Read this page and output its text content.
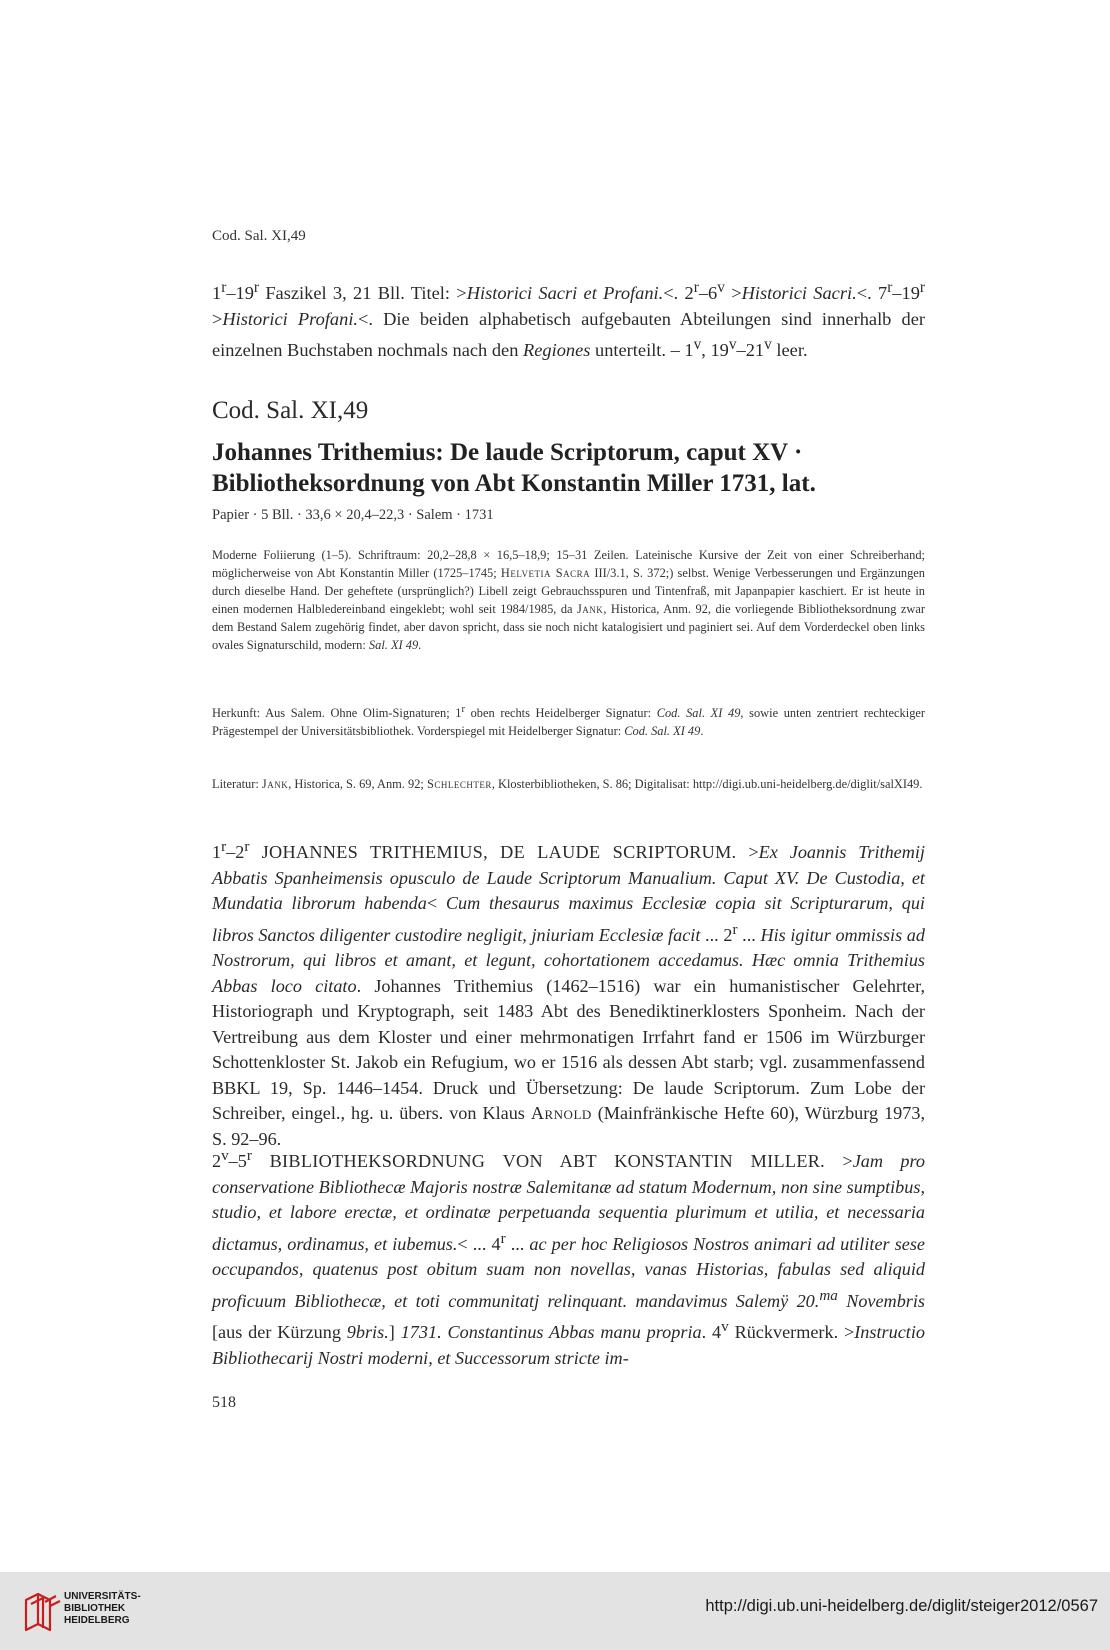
Cod. Sal. XI,49
1$^r$–19$^r$ Faszikel 3, 21 Bll. Titel: >Historici Sacri et Profani.<. $2^r-6^v$ >Historici Sacri.<. $7^r-19^r$ >Historici Profani.<. Die beiden alphabetisch aufgebauten Abteilungen sind innerhalb der einzelnen Buchstaben nochmals nach den Regiones unterteilt. – 1$^v$, 19$^v$–21$^v$ leer.
Cod. Sal. XI,49
Johannes Trithemius: De laude Scriptorum, caput XV · Bibliotheksordnung von Abt Konstantin Miller 1731, lat.
Papier · 5 Bll. · 33,6 × 20,4–22,3 · Salem · 1731
Moderne Foliierung (1–5). Schriftraum: 20,2–28,8 × 16,5–18,9; 15–31 Zeilen. Lateinische Kursive der Zeit von einer Schreiberhand; möglicherweise von Abt Konstantin Miller (1725–1745; Helvetia Sacra III/3.1, S. 372;) selbst. Wenige Verbesserungen und Ergänzungen durch dieselbe Hand. Der geheftete (ursprünglich?) Libell zeigt Gebrauchsspuren und Tintenfraß, mit Japanpapier kaschiert. Er ist heute in einen modernen Halbledereinband eingeklebt; wohl seit 1984/1985, da Jank, Historica, Anm. 92, die vorliegende Bibliotheksordnung zwar dem Bestand Salem zugehörig findet, aber davon spricht, dass sie noch nicht katalogisiert und paginiert sei. Auf dem Vorderdeckel oben links ovales Signaturschild, modern: Sal. XI 49.
Herkunft: Aus Salem. Ohne Olim-Signaturen; 1$^r$ oben rechts Heidelberger Signatur: Cod. Sal. XI 49, sowie unten zentriert rechteckiger Prägestempel der Universitätsbibliothek. Vorderspiegel mit Heidelberger Signatur: Cod. Sal. XI 49.
Literatur: Jank, Historica, S. 69, Anm. 92; Schlechter, Klosterbibliotheken, S. 86; Digitalisat: http://digi.ub.uni-heidelberg.de/diglit/salXI49.
1$^r$–2$^r$ JOHANNES TRITHEMIUS, DE LAUDE SCRIPTORUM. >Ex Joannis Trithemij Abbatis Spanheimensis opusculo de Laude Scriptorum Manualium. Caput XV. De Custodia, et Mundatia librorum habenda< Cum thesaurus maximus Ecclesiæ copia sit Scripturarum, qui libros Sanctos diligenter custodire negligit, jniuriam Ecclesiæ facit ... 2$^r$ ... His igitur ommissis ad Nostrorum, qui libros et amant, et legunt, cohortationem accedamus. Hæc omnia Trithemius Abbas loco citato. Johannes Trithemius (1462–1516) war ein humanistischer Gelehrter, Historiograph und Kryptograph, seit 1483 Abt des Benediktinerklosters Sponheim. Nach der Vertreibung aus dem Kloster und einer mehrmonatigen Irrfahrt fand er 1506 im Würzburger Schottenkloster St. Jakob ein Refugium, wo er 1516 als dessen Abt starb; vgl. zusammenfassend BBKL 19, Sp. 1446–1454. Druck und Übersetzung: De laude Scriptorum. Zum Lobe der Schreiber, eingel., hg. u. übers. von Klaus Arnold (Mainfränkische Hefte 60), Würzburg 1973, S. 92–96.
2$^v$–5$^r$ BIBLIOTHEKSORDNUNG VON ABT KONSTANTIN MILLER. >Jam pro conservatione Bibliothecæ Majoris nostræ Salemitanæ ad statum Modernum, non sine sumptibus, studio, et labore erectæ, et ordinatæ perpetuanda sequentia plurimum et utilia, et necessaria dictamus, ordinamus, et iubemus.< ... 4$^r$ ... ac per hoc Religiosos Nostros animari ad utiliter sese occupandos, quatenus post obitum suam non novellas, vanas Historias, fabulas sed aliquid proficuum Bibliothecæ, et toti communitatj relinquant. mandavimus Salemÿ 20.$^{ma}$ Novembris [aus der Kürzung 9bris.] 1731. Constantinus Abbas manu propria. 4$^v$ Rückvermerk. >Instructio Bibliothecarij Nostri moderni, et Successorum stricte im-
518
UNIVERSITÄTS-
BIBLIOTHEK
HEIDELBERG
http://digi.ub.uni-heidelberg.de/diglit/steiger2012/0567
